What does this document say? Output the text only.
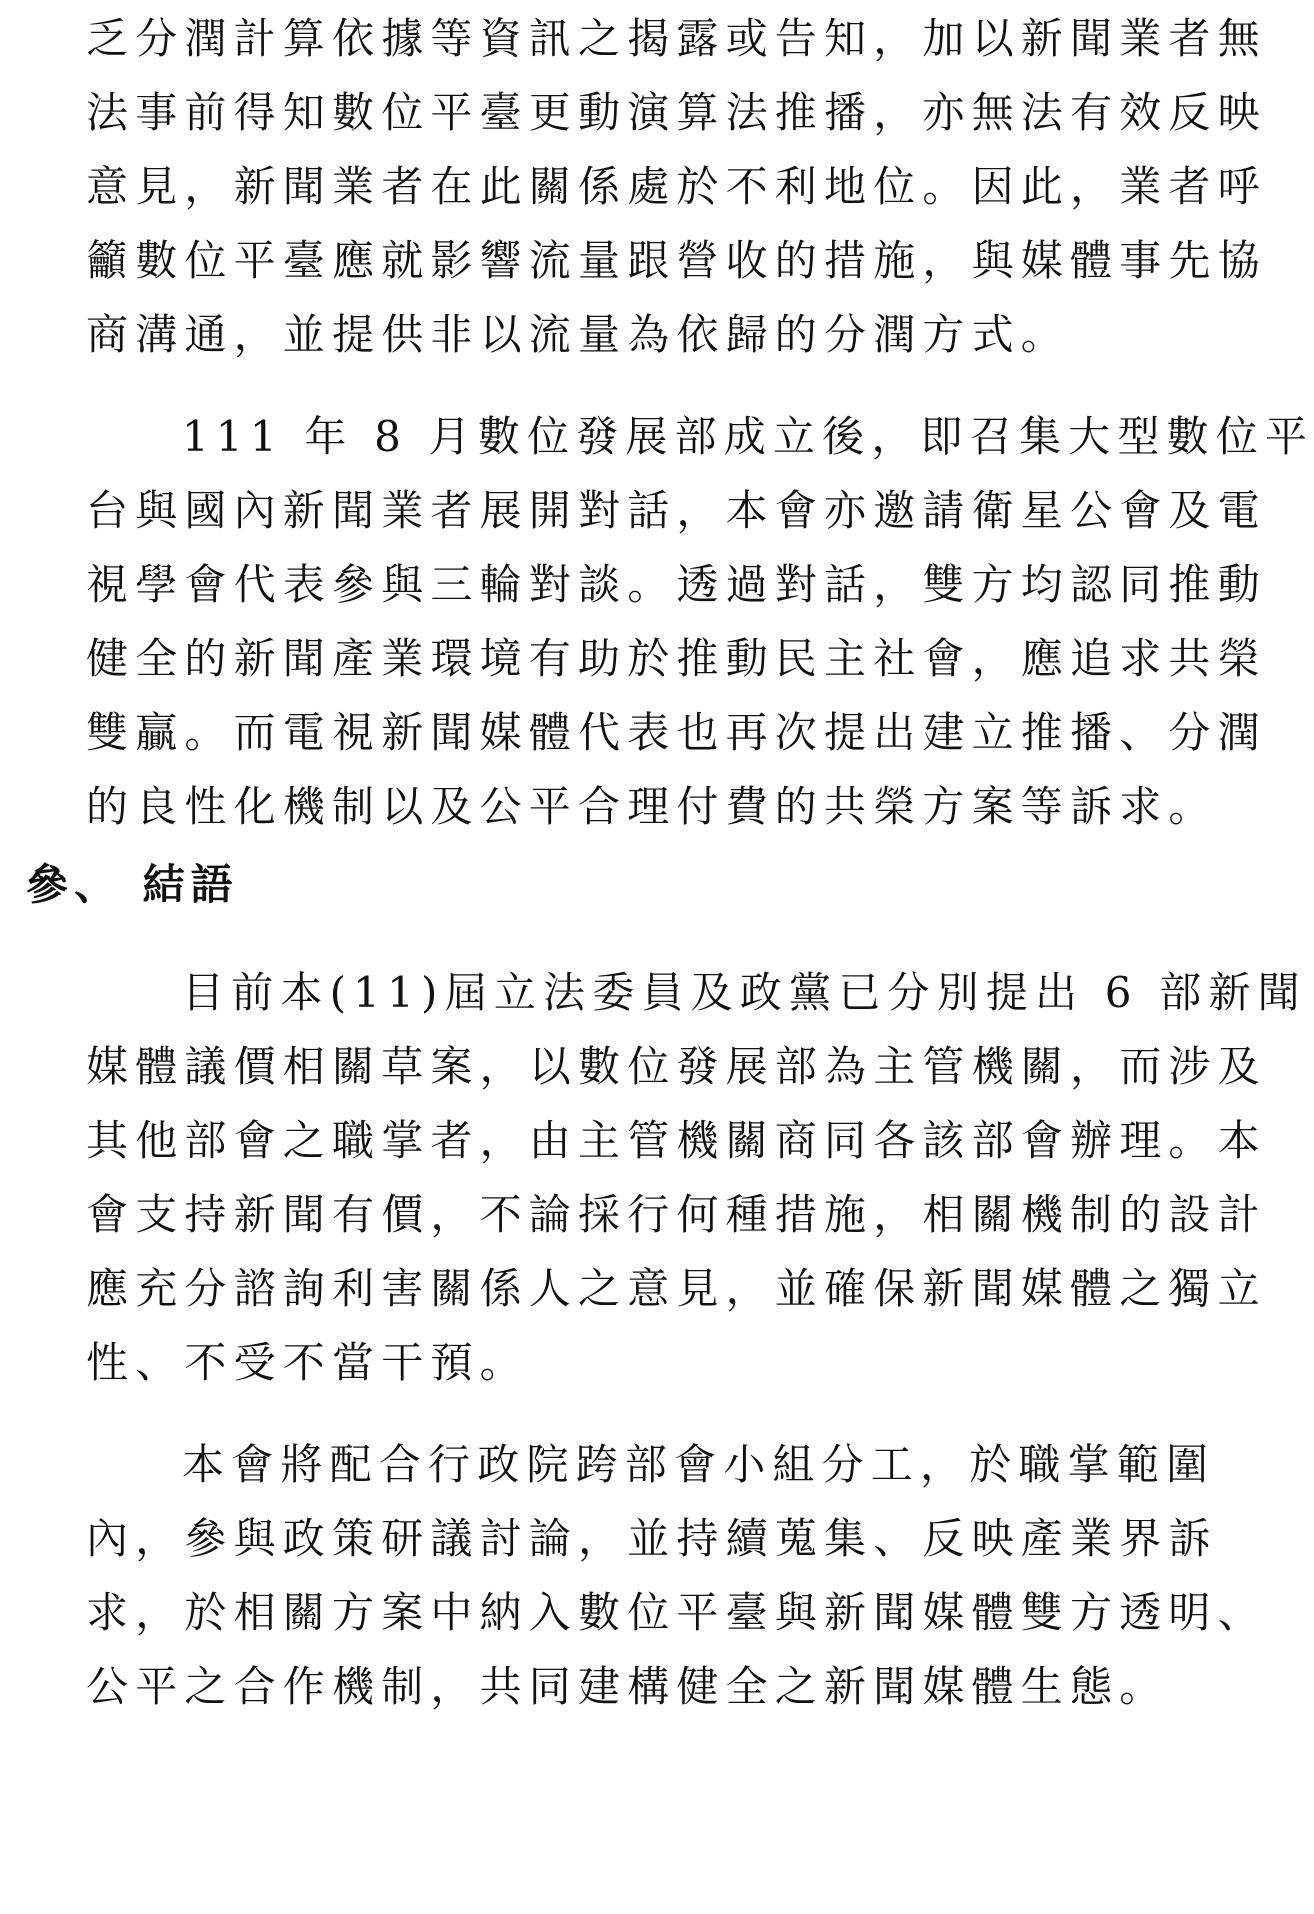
乏分潤計算依據等資訊之揭露或告知，加以新聞業者無
法事前得知數位平臺更動演算法推播，亦無法有效反映
意見，新聞業者在此關係處於不利地位。因此，業者呼
籲數位平臺應就影響流量跟營收的措施，與媒體事先協
商溝通，並提供非以流量為依歸的分潤方式。
111 年 8 月數位發展部成立後，即召集大型數位平
台與國內新聞業者展開對話，本會亦邀請衛星公會及電
視學會代表參與三輪對談。透過對話，雙方均認同推動
健全的新聞產業環境有助於推動民主社會，應追求共榮
雙贏。而電視新聞媒體代表也再次提出建立推播、分潤
的良性化機制以及公平合理付費的共榮方案等訴求。
參、 結語
目前本(11)屆立法委員及政黨已分別提出 6 部新聞
媒體議價相關草案，以數位發展部為主管機關，而涉及
其他部會之職掌者，由主管機關商同各該部會辦理。本
會支持新聞有價，不論採行何種措施，相關機制的設計
應充分諮詢利害關係人之意見，並確保新聞媒體之獨立
性、不受不當干預。
本會將配合行政院跨部會小組分工，於職掌範圍
內，參與政策研議討論，並持續蒐集、反映產業界訴
求，於相關方案中納入數位平臺與新聞媒體雙方透明、
公平之合作機制，共同建構健全之新聞媒體生態。
